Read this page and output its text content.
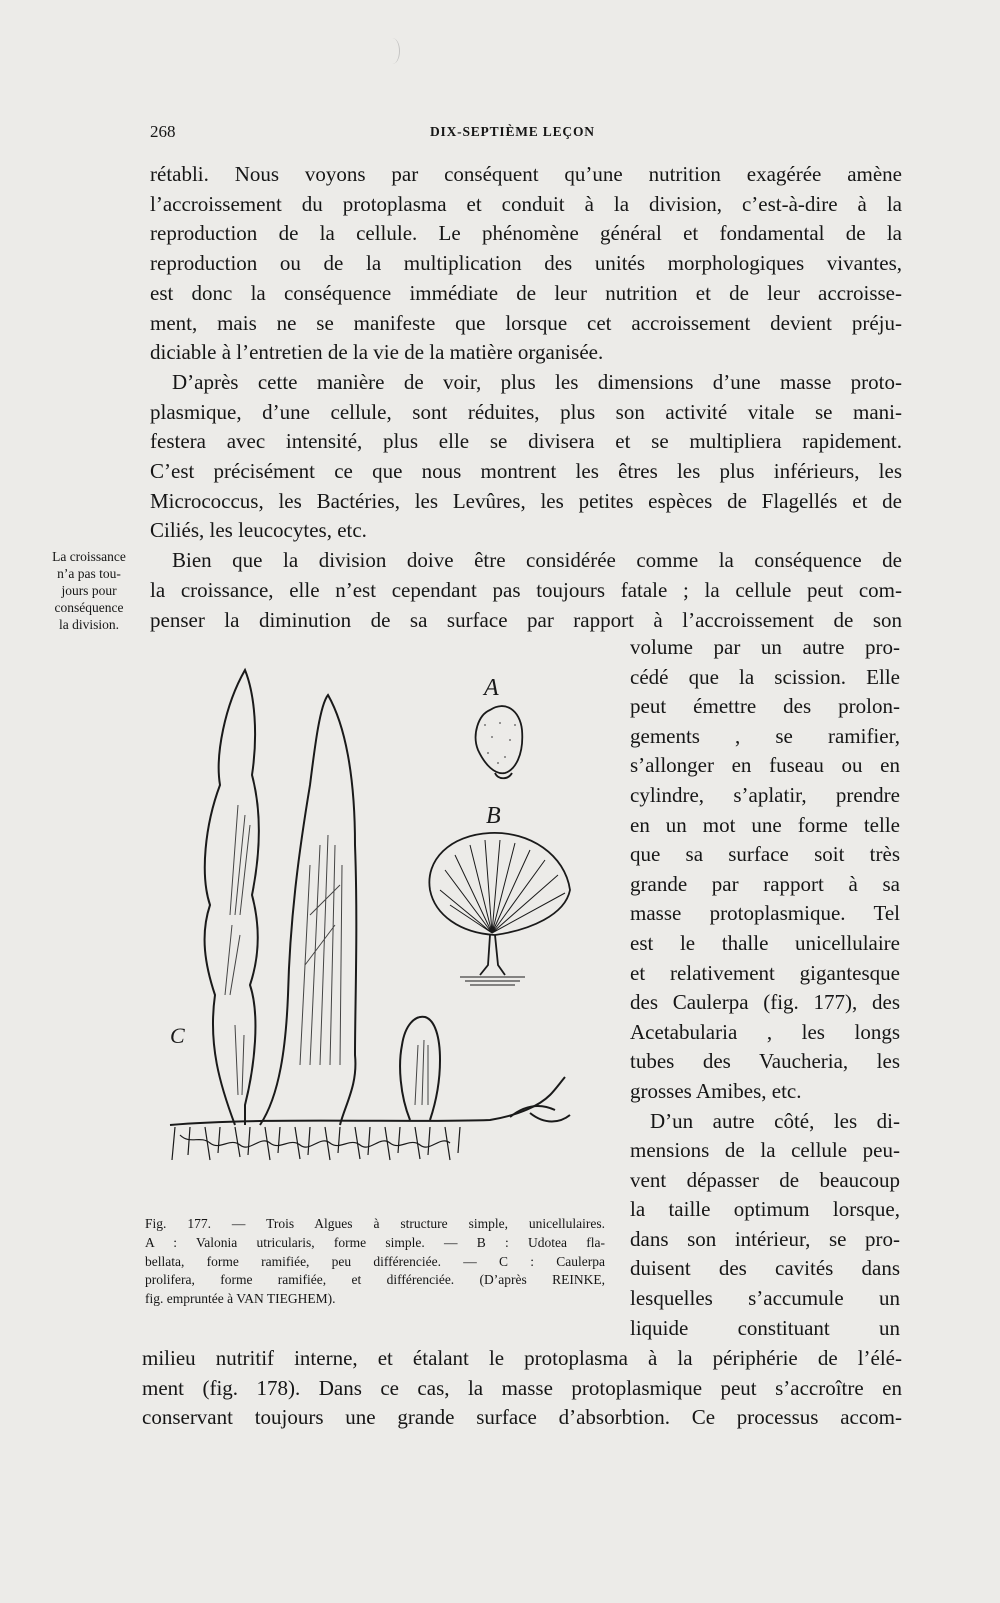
268	DIX-SEPTIÈME LEÇON
rétabli. Nous voyons par conséquent qu’une nutrition exagérée amène
l’accroissement du protoplasma et conduit à la division, c’est-à-dire à la
reproduction de la cellule. Le phénomène général et fondamental de la
reproduction ou de la multiplication des unités morphologiques vivantes,
est donc la conséquence immédiate de leur nutrition et de leur accroisse-
ment, mais ne se manifeste que lorsque cet accroissement devient préju-
diciable à l’entretien de la vie de la matière organisée.
D’après cette manière de voir, plus les dimensions d’une masse proto-
plasmique, d’une cellule, sont réduites, plus son activité vitale se mani-
festera avec intensité, plus elle se divisera et se multipliera rapidement.
C’est précisément ce que nous montrent les êtres les plus inférieurs, les
Micrococcus, les Bactéries, les Levûres, les petites espèces de Flagellés et de
Ciliés, les leucocytes, etc.
Bien que la division doive être considérée comme la conséquence de
la croissance, elle n’est cependant pas toujours fatale ; la cellule peut com-
penser la diminution de sa surface par rapport à l’accroissement de son
La croissance
n’a pas tou-
jours pour
conséquence
la division.
A
B
C
Fig. 177. — Trois Algues à structure simple, unicellulaires.
A : Valonia utricularis, forme simple. — B : Udotea fla-
bellata, forme ramifiée, peu différenciée. — C : Caulerpa
prolifera, forme ramifiée, et différenciée. (D’après REINKE,
fig. empruntée à VAN TIEGHEM).
volume par un autre pro-
cédé que la scission. Elle
peut émettre des prolon-
gements , se ramifier,
s’allonger en fuseau ou en
cylindre, s’aplatir, prendre
en un mot une forme telle
que sa surface soit très
grande par rapport à sa
masse protoplasmique. Tel
est le thalle unicellulaire
et relativement gigantesque
des Caulerpa (fig. 177), des
Acetabularia , les longs
tubes des Vaucheria, les
grosses Amibes, etc.
D’un autre côté, les di-
mensions de la cellule peu-
vent dépasser de beaucoup
la taille optimum lorsque,
dans son intérieur, se pro-
duisent des cavités dans
lesquelles s’accumule un
liquide constituant un
milieu nutritif interne, et étalant le protoplasma à la périphérie de l’élé-
ment (fig. 178). Dans ce cas, la masse protoplasmique peut s’accroître en
conservant toujours une grande surface d’absorbtion. Ce processus accom-
